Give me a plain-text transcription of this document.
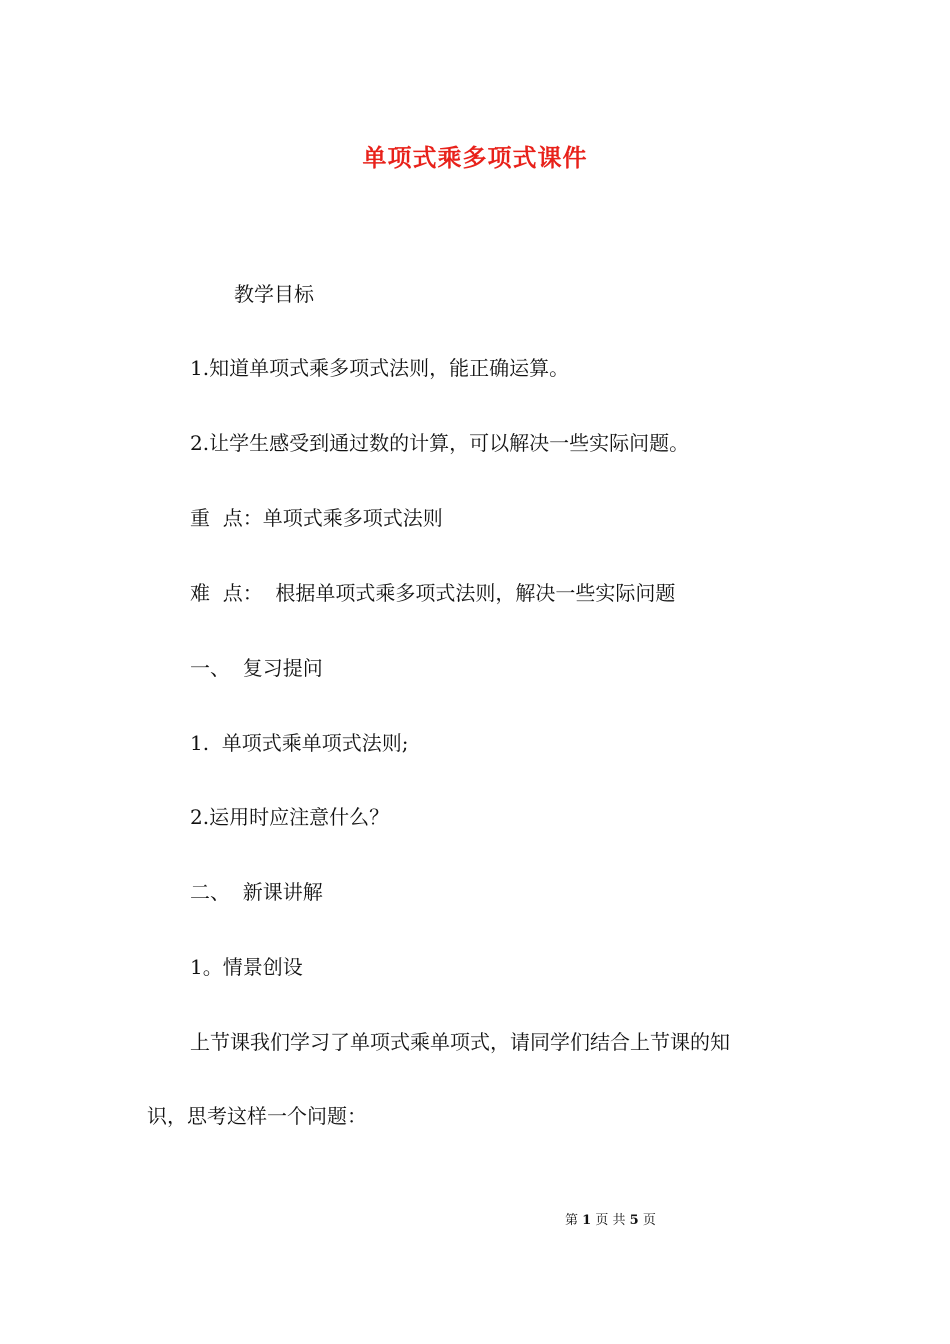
单项式乘多项式课件
教学目标
1.知道单项式乘多项式法则，能正确运算。
2.让学生感受到通过数的计算，可以解决一些实际问题。
重  点：单项式乘多项式法则
难  点：  根据单项式乘多项式法则，解决一些实际问题
一、  复习提问
1.  单项式乘单项式法则;
2.运用时应注意什么？
二、  新课讲解
1。情景创设
上节课我们学习了单项式乘单项式，请同学们结合上节课的知
识，思考这样一个问题：
第 1 页 共 5 页
